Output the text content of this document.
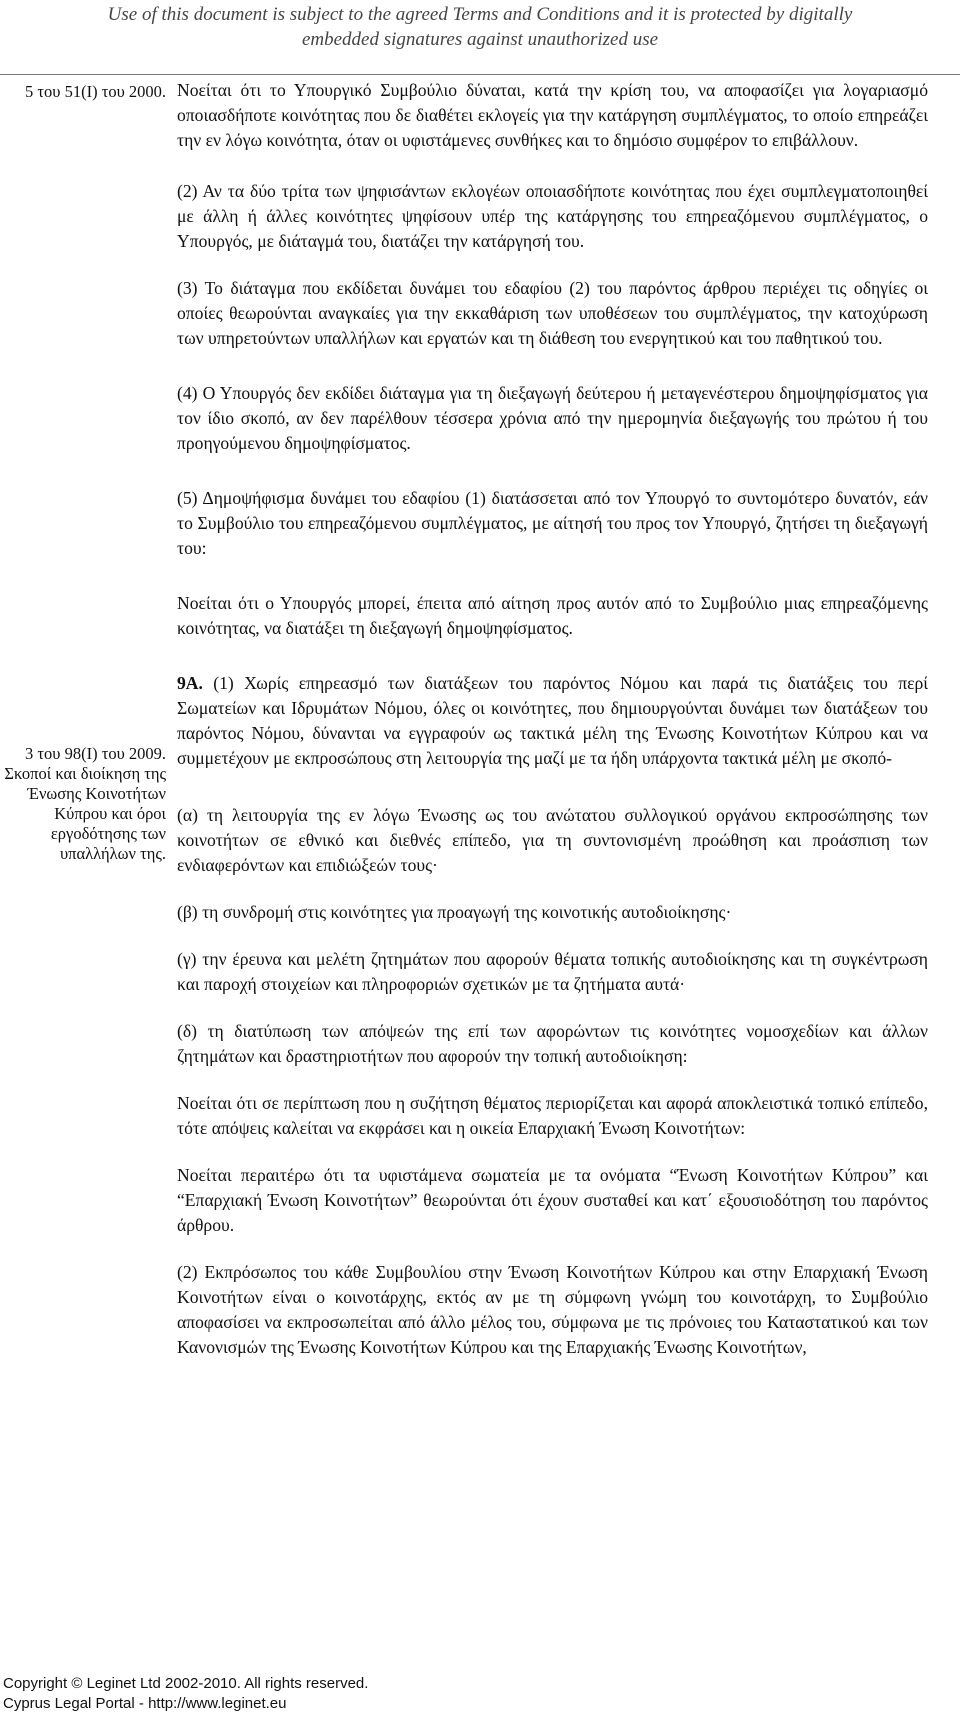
Use of this document is subject to the agreed Terms and Conditions and it is protected by digitally
embedded signatures against unauthorized use
5 του 51(Ι) του 2000.
3 του 98(Ι) του 2009.
Σκοποί και διοίκηση της Ένωσης Κοινοτήτων Κύπρου και όροι εργοδότησης των υπαλλήλων της.

Νοείται ότι το Υπουργικό Συμβούλιο δύναται, κατά την κρίση του, να αποφασίζει για λογαριασμό οποιασδήποτε κοινότητας που δε διαθέτει εκλογείς για την κατάργηση συμπλέγματος, το οποίο επηρεάζει την εν λόγω κοινότητα, όταν οι υφιστάμενες συνθήκες και το δημόσιο συμφέρον το επιβάλλουν.

(2) Αν τα δύο τρίτα των ψηφισάντων εκλογέων οποιασδήποτε κοινότητας που έχει συμπλεγματοποιηθεί με άλλη ή άλλες κοινότητες ψηφίσουν υπέρ της κατάργησης του επηρεαζόμενου συμπλέγματος, ο Υπουργός, με διάταγμά του, διατάζει την κατάργησή του.

(3) Το διάταγμα που εκδίδεται δυνάμει του εδαφίου (2) του παρόντος άρθρου περιέχει τις οδηγίες οι οποίες θεωρούνται αναγκαίες για την εκκαθάριση των υποθέσεων του συμπλέγματος, την κατοχύρωση των υπηρετούντων υπαλλήλων και εργατών και τη διάθεση του ενεργητικού και του παθητικού του.

(4) Ο Υπουργός δεν εκδίδει διάταγμα για τη διεξαγωγή δεύτερου ή μεταγενέστερου δημοψηφίσματος για τον ίδιο σκοπό, αν δεν παρέλθουν τέσσερα χρόνια από την ημερομηνία διεξαγωγής του πρώτου ή του προηγούμενου δημοψηφίσματος.

(5) Δημοψήφισμα δυνάμει του εδαφίου (1) διατάσσεται από τον Υπουργό το συντομότερο δυνατόν, εάν το Συμβούλιο του επηρεαζόμενου συμπλέγματος, με αίτησή του προς τον Υπουργό, ζητήσει τη διεξαγωγή του:

Νοείται ότι ο Υπουργός μπορεί, έπειτα από αίτηση προς αυτόν από το Συμβούλιο μιας επηρεαζόμενης κοινότητας, να διατάξει τη διεξαγωγή δημοψηφίσματος.

9Α. (1) Χωρίς επηρεασμό των διατάξεων του παρόντος Νόμου και παρά τις διατάξεις του περί Σωματείων και Ιδρυμάτων Νόμου, όλες οι κοινότητες, που δημιουργούνται δυνάμει των διατάξεων του παρόντος Νόμου, δύνανται να εγγραφούν ως τακτικά μέλη της Ένωσης Κοινοτήτων Κύπρου και να συμμετέχουν με εκπροσώπους στη λειτουργία της μαζί με τα ήδη υπάρχοντα τακτικά μέλη με σκοπό-

(α) τη λειτουργία της εν λόγω Ένωσης ως του ανώτατου συλλογικού οργάνου εκπροσώπησης των κοινοτήτων σε εθνικό και διεθνές επίπεδο, για τη συντονισμένη προώθηση και προάσπιση των ενδιαφερόντων και επιδιώξεών τους·

(β) τη συνδρομή στις κοινότητες για προαγωγή της κοινοτικής αυτοδιοίκησης·

(γ) την έρευνα και μελέτη ζητημάτων που αφορούν θέματα τοπικής αυτοδιοίκησης και τη συγκέντρωση και παροχή στοιχείων και πληροφοριών σχετικών με τα ζητήματα αυτά·

(δ) τη διατύπωση των απόψεών της επί των αφορώντων τις κοινότητες νομοσχεδίων και άλλων ζητημάτων και δραστηριοτήτων που αφορούν την τοπική αυτοδιοίκηση:

Νοείται ότι σε περίπτωση που η συζήτηση θέματος περιορίζεται και αφορά αποκλειστικά τοπικό επίπεδο, τότε απόψεις καλείται να εκφράσει και η οικεία Επαρχιακή Ένωση Κοινοτήτων:

Νοείται περαιτέρω ότι τα υφιστάμενα σωματεία με τα ονόματα “Ένωση Κοινοτήτων Κύπρου” και “Επαρχιακή Ένωση Κοινοτήτων” θεωρούνται ότι έχουν συσταθεί και κατ΄ εξουσιοδότηση του παρόντος άρθρου.

(2) Εκπρόσωπος του κάθε Συμβουλίου στην Ένωση Κοινοτήτων Κύπρου και στην Επαρχιακή Ένωση Κοινοτήτων είναι ο κοινοτάρχης, εκτός αν με τη σύμφωνη γνώμη του κοινοτάρχη, το Συμβούλιο αποφασίσει να εκπροσωπείται από άλλο μέλος του, σύμφωνα με τις πρόνοιες του Καταστατικού και των Κανονισμών της Ένωσης Κοινοτήτων Κύπρου και της Επαρχιακής Ένωσης Κοινοτήτων,

Copyright © Leginet Ltd 2002-2010. All rights reserved.
Cyprus Legal Portal - http://www.leginet.eu
